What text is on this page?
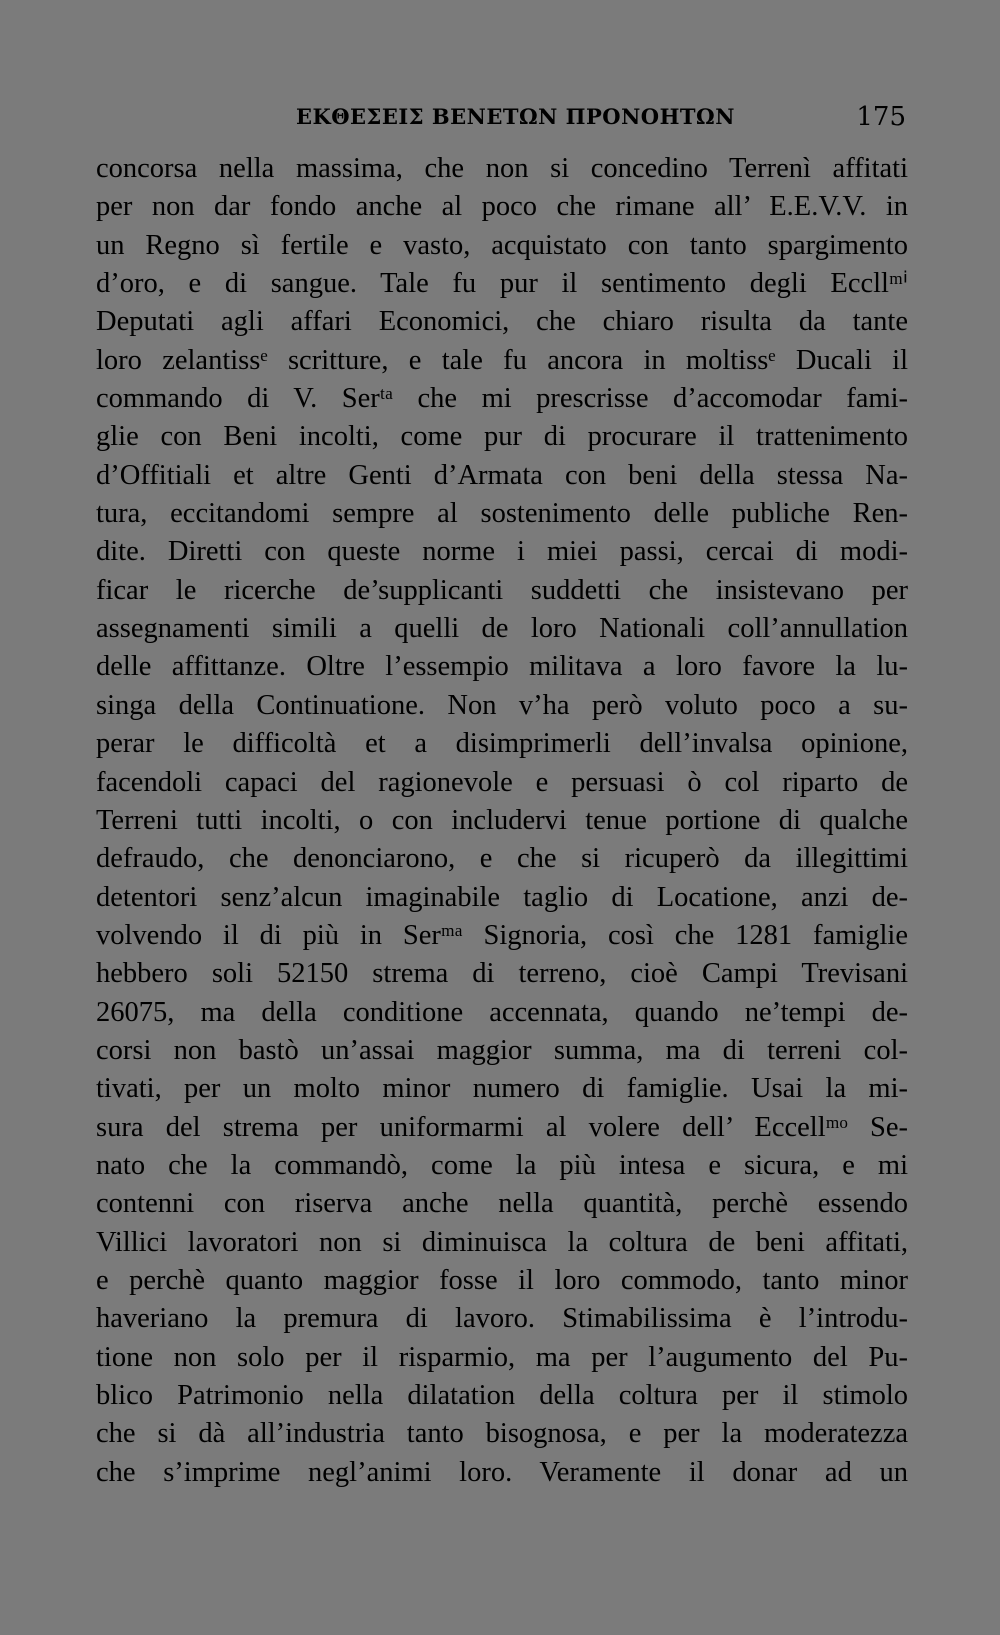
ΕΚΘΕΣΕΙΣ ΒΕΝΕΤΩΝ ΠΡΟΝΟΗΤΩΝ	175
concorsa nella massima, che non si concedino Terrenì affitati
per non dar fondo anche al poco che rimane all’ E.E.V.V. in
un Regno sì fertile e vasto, acquistato con tanto spargimento
d’oro, e di sangue. Tale fu pur il sentimento degli Eccllᵐⁱ
Deputati agli affari Economici, che chiaro risulta da tante
loro zelantissᵉ scritture, e tale fu ancora in moltissᵉ Ducali il
commando di V. Serᵗᵃ che mi prescrisse d’accomodar fami-
glie con Beni incolti, come pur di procurare il trattenimento
d’Offitiali et altre Genti d’Armata con beni della stessa Na-
tura, eccitandomi sempre al sostenimento delle publiche Ren-
dite. Diretti con queste norme i miei passi, cercai di modi-
ficar le ricerche de’supplicanti suddetti che insistevano per
assegnamenti simili a quelli de loro Nationali coll’annullation
delle affittanze. Oltre l’essempio militava a loro favore la lu-
singa della Continuatione. Non v’ha però voluto poco a su-
perar le difficoltà et a disimprimerli dell’invalsa opinione,
facendoli capaci del ragionevole e persuasi ò col riparto de
Terreni tutti incolti, o con includervi tenue portione di qualche
defraudo, che denonciarono, e che si ricuperò da illegittimi
detentori senz’alcun imaginabile taglio di Locatione, anzi de-
volvendo il di più in Serᵐᵃ Signoria, così che 1281 famiglie
hebbero soli 52150 strema di terreno, cioè Campi Trevisani
26075, ma della conditione accennata, quando ne’tempi de-
corsi non bastò un’assai maggior summa, ma di terreni col-
tivati, per un molto minor numero di famiglie. Usai la mi-
sura del strema per uniformarmi al volere dell’ Eccellᵐᵒ Se-
nato che la commandò, come la più intesa e sicura, e mi
contenni con riserva anche nella quantità, perchè essendo
Villici lavoratori non si diminuisca la coltura de beni affitati,
e perchè quanto maggior fosse il loro commodo, tanto minor
haveriano la premura di lavoro. Stimabilissima è l’introdu-
tione non solo per il risparmio, ma per l’augumento del Pu-
blico Patrimonio nella dilatation della coltura per il stimolo
che si dà all’industria tanto bisognosa, e per la moderatezza
che s’imprime negl’animi loro. Veramente il donar ad un
